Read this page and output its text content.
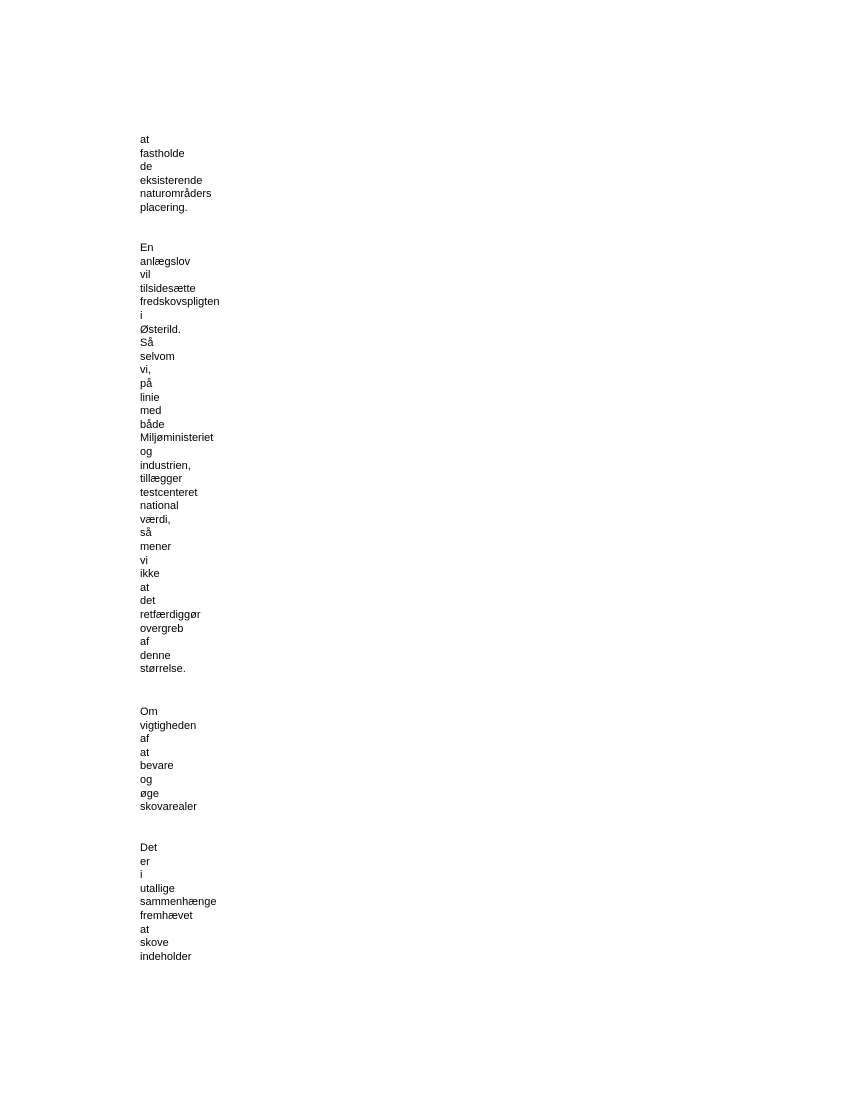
at
fastholde
de
eksisterende
naturområders
placering.
En
anlægslov
vil
tilsidesætte
fredskovspligten
i
Østerild.
Så
selvom
vi,
på
linie
med
både
Miljøministeriet
og
industrien,
tillægger
testcenteret
national
værdi,
så
mener
vi
ikke
at
det
retfærdiggør
overgreb
af
denne
størrelse.
Om
vigtigheden
af
at
bevare
og
øge
skovarealer
Det
er
i
utallige
sammenhænge
fremhævet
at
skove
indeholder
